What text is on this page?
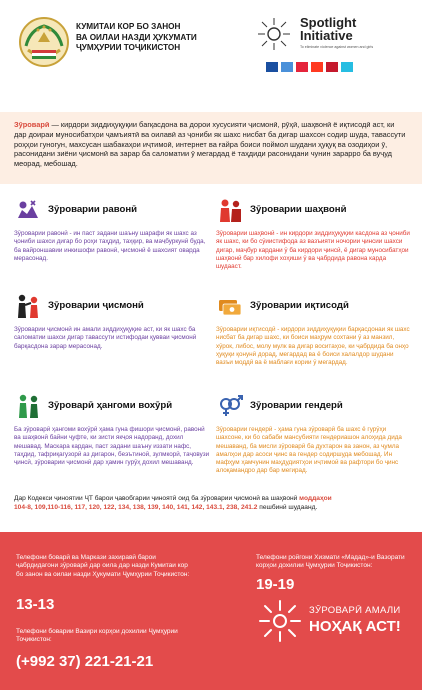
КУМИТАИ КОР БО ЗАНОН
ВА ОИЛАИ НАЗДИ ҲУКУМАТИ
ҶУМҲУРИИ ТОҶИКИСТОН
Spotlight
Initiative
To eliminate violence against women and girls

Зӯроварӣ — кирдори зиддиҳуқуқии бarқасдона ва дорои хусусияти ҷисмонӣ, рӯҳӣ, шаҳвонӣ ё иқтисодӣ аст, ки дар доираи муносибатҳои ҷамъиятӣ ва оилавӣ аз ҷониби як шахс нисбат ба дигар шахсон содир шуда, тавассути роҳҳои гуногун, махсусан шабакаҳои иҷтимоӣ, интернет ва ғайра боиси поймол шудани ҳуқуқ ва озодиҳои ӯ, расонидани зиёни ҷисмонӣ ва зарар ба саломатии ӯ мегардад ё таҳдиди расонидани чунин зарарро ба вуҷуд меорад, мебошад.

Зӯроварии равонӣ
Зӯроварии равонӣ - ин паст задани шаъну шарафи як шахс аз ҷониби шахси дигар бо роҳи таҳдид, таҳқир, ва маҷбуркунӣ буда, ба вайроншавии инкишофи равонӣ, ҷисмонӣ ё шахсият оварда мерасонад.
Зӯроварии шаҳвонӣ
Зӯроварии шаҳвонӣ - ин кирдори зиддиҳуқуқии касдона аз ҷониби як шахс, ки бо сӯиистифода аз вазъияти ночории ҷинсии шахси дигар, маҷбур кардани ӯ ба кирдори ҷинсӣ, ё дигар муносибатҳои шаҳвонӣ бар хилофи хоҳиши ӯ ва ҷабрдида равона карда шудааст.
Зӯроварии ҷисмонӣ
Зӯроварии ҷисмонӣ ин амали зиддиҳуқуқие аст, ки як шахс ба саломатии шахси дигар тавассути истифодаи қувваи ҷисмонӣ барқасдона зарар мерасонад.
Зӯроварии иқтисодӣ
Зӯроварии иқтисодӣ - кирдори зиддиҳуқуқии барқасдонаи як шахс нисбат ба дигар шахс, ки боиси маҳрум сохтани ӯ аз манзил, хӯрок, либос, молу мулк ва дигар воситаҳое, ки ҷабрдида ба онҳо ҳуқуқи қонунӣ дорад, мегардад ва ё боиси халалдор шудани вазъи моддӣ ва ё маблағи кории ӯ мегардад.
Зӯроварӣ ҳангоми вохӯрӣ
Ба зӯроварӣ ҳангоми вохӯрӣ ҳама гуна фишори ҷисмонӣ, равонӣ ва шаҳвонӣ байни ҷуфте, ки зисти якҷоя надоранд, дохил мешавад. Маскара кардан, паст задани шаъну иззати нафс, таҳдид, тафриқагузорӣ аз дигарон, беэътиноӣ, зулмкорӣ, таҷовузи ҷинсӣ, зӯроварии ҷисмонӣ дар ҳамин гурӯҳ дохил мешаванд.
Зӯроварии гендерӣ
Зӯроварии гендерӣ - ҳама гуна зӯроварӣ ба шахс ё гурӯҳи шахсоне, ки бо сабаби мансубияти гендериашон алоҳида дида мешаванд, ба мисли зӯроварӣ ба духтарон ва занон, аз ҷумла амалҳои дар асоси ҷинс ва гендер содиршуда мебошад. Ин мафҳум ҳамчунин маҳдудиятҳои иҷтимоӣ ва рафтори бо ҷинс алоқамандро дар бар мегирад.
Дар Кодекси ҷиноятии ҶТ барои ҷавобгарии ҷиноятӣ оид ба зӯроварии ҷисмонӣ ва шаҳвонӣ моддаҳои
104-8, 109,110-116, 117, 120, 122, 134, 138, 139, 140, 141, 142, 143.1, 238, 241.2 пешбинӣ шудаанд.
Телефони боварӣ ва Маркази захиравӣ барои ҷабрдидагони зӯроварӣ дар оила дар назди Кумитаи кор бо занон ва оилаи назди Ҳукумати Ҷумҳурии Тоҷикистон:
13-13
Телефони ройгони Хизмати «Мадад»-и Вазорати корҳои дохилии Ҷумҳурии Тоҷикистон:
19-19
Телефони боварии Вазири корҳои дохилии Ҷумҳурии Тоҷикистон:
(+992 37) 221-21-21
ЗӮРОВАРӢ АМАЛИ
НОҲАҚ АСТ!
